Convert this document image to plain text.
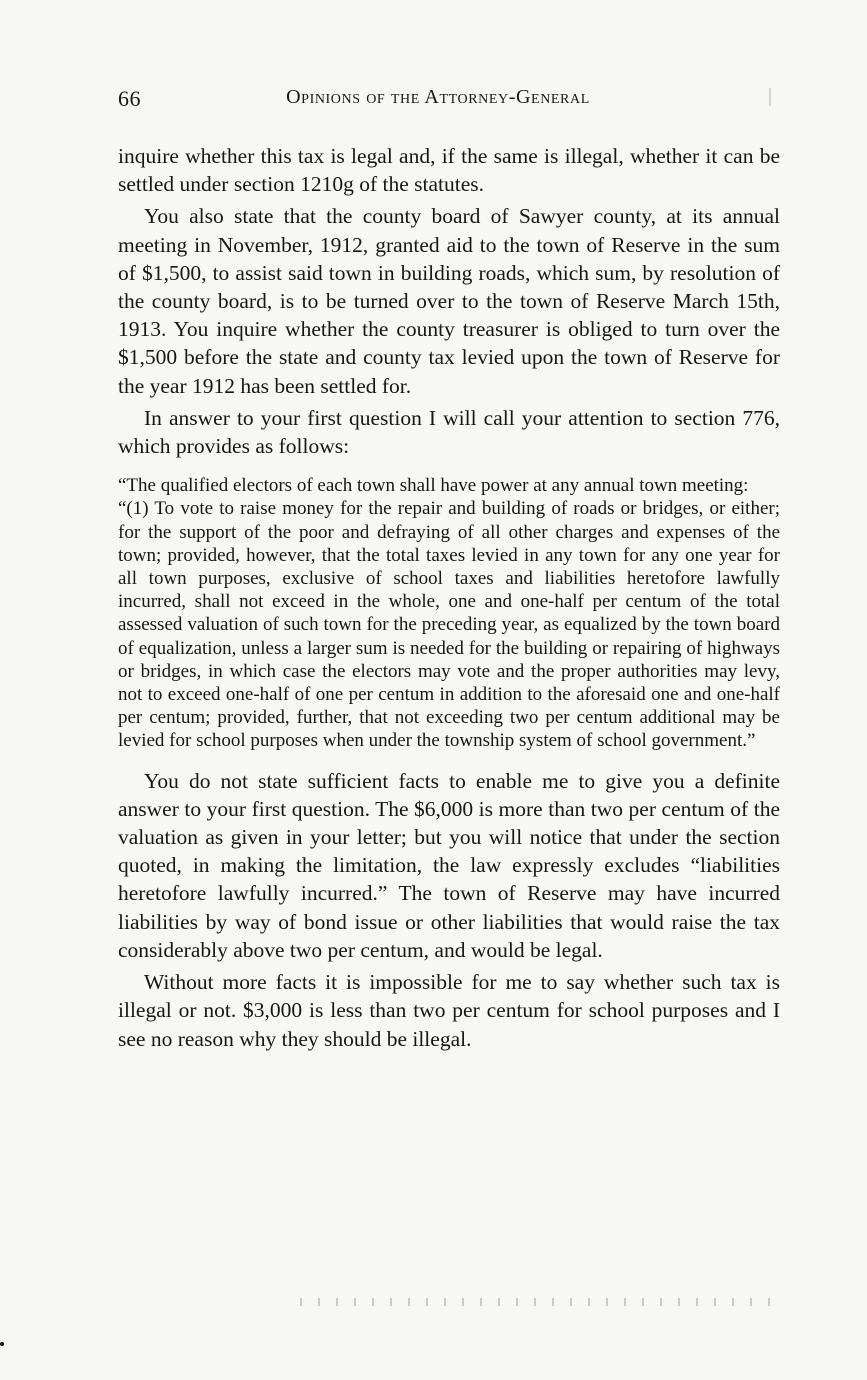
66	Opinions of the Attorney-General

inquire whether this tax is legal and, if the same is illegal, whether it can be settled under section 1210g of the statutes.

You also state that the county board of Sawyer county, at its annual meeting in November, 1912, granted aid to the town of Reserve in the sum of $1,500, to assist said town in building roads, which sum, by resolution of the county board, is to be turned over to the town of Reserve March 15th, 1913. You inquire whether the county treasurer is obliged to turn over the $1,500 before the state and county tax levied upon the town of Reserve for the year 1912 has been settled for.

In answer to your first question I will call your attention to section 776, which provides as follows:

“The qualified electors of each town shall have power at any annual town meeting:

“(1) To vote to raise money for the repair and building of roads or bridges, or either; for the support of the poor and defraying of all other charges and expenses of the town; provided, however, that the total taxes levied in any town for any one year for all town purposes, exclusive of school taxes and liabilities heretofore lawfully incurred, shall not exceed in the whole, one and one-half per centum of the total assessed valuation of such town for the preceding year, as equalized by the town board of equalization, unless a larger sum is needed for the building or repairing of highways or bridges, in which case the electors may vote and the proper authorities may levy, not to exceed one-half of one per centum in addition to the aforesaid one and one-half per centum; provided, further, that not exceeding two per centum additional may be levied for school purposes when under the township system of school government.”

You do not state sufficient facts to enable me to give you a definite answer to your first question. The $6,000 is more than two per centum of the valuation as given in your letter; but you will notice that under the section quoted, in making the limitation, the law expressly excludes “liabilities heretofore lawfully incurred.” The town of Reserve may have incurred liabilities by way of bond issue or other liabilities that would raise the tax considerably above two per centum, and would be legal.

Without more facts it is impossible for me to say whether such tax is illegal or not. $3,000 is less than two per centum for school purposes and I see no reason why they should be illegal.
